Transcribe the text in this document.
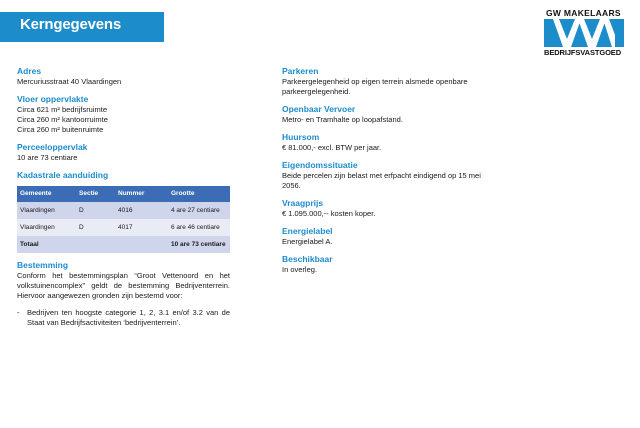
Kerngegevens
GW MAKELAARS
BEDRIJFSVASTGOED

Adres

Mercuriusstraat 40 Vlaardingen

Vloer oppervlakte

Circa 621 m² bedrijfsruimte

Circa 260 m² kantoorruimte

Circa 260 m² buitenruimte

Perceeloppervlak

10 are 73 centiare

Kadastrale aanduiding

Gemeente	Sectie	Nummer	Grootte
Vlaardingen	D	4016	4 are 27 centiare
Vlaardingen	D	4017	6 are 46 centiare
Totaal			10 are 73 centiare

Bestemming

Conform het bestemmingsplan “Groot Vettenoord en het volkstuinencomplex” geldt de bestemming Bedrijventerrein. Hiervoor aangewezen gronden zijn bestemd voor:

- Bedrijven ten hoogste categorie 1, 2, 3.1 en/of 3.2 van de Staat van Bedrijfsactiviteiten ‘bedrijventerrein’.

Parkeren

Parkeergelegenheid op eigen terrein alsmede openbare parkeergelegenheid.

Openbaar Vervoer

Metro- en Tramhalte op loopafstand.

Huursom

€ 81.000,- excl. BTW per jaar.

Eigendomssituatie

Beide percelen zijn belast met erfpacht eindigend op 15 mei 2056.

Vraagprijs

€ 1.095.000,-- kosten koper.

Energielabel

Energielabel A.

Beschikbaar

In overleg.
